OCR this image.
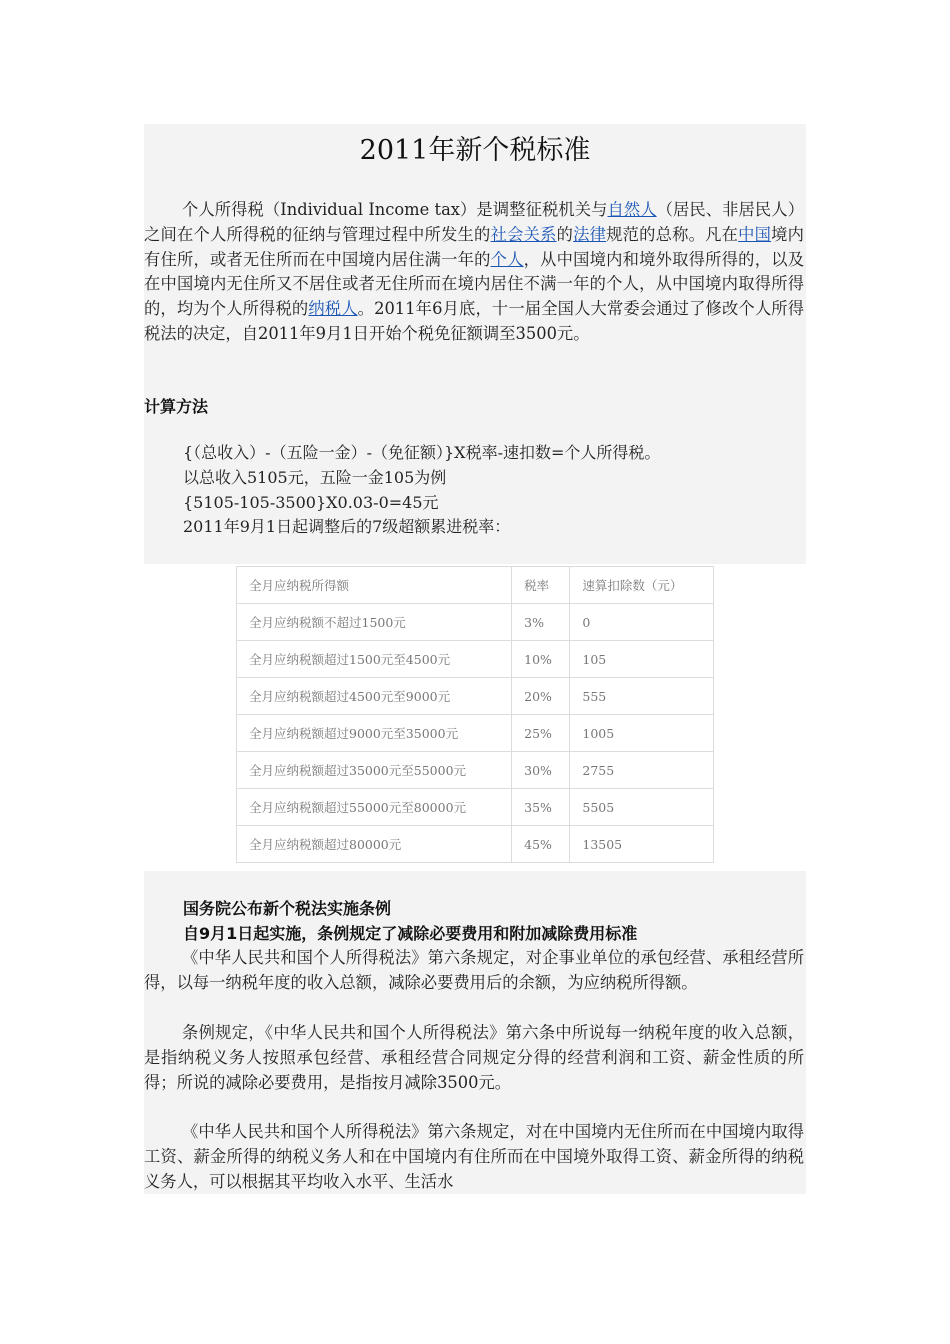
2011年新个税标准

个人所得税（Individual Income tax）是调整征税机关与自然人（居民、非居民人）之间在个人所得税的征纳与管理过程中所发生的社会关系的法律规范的总称。凡在中国境内有住所，或者无住所而在中国境内居住满一年的个人，从中国境内和境外取得所得的，以及在中国境内无住所又不居住或者无住所而在境内居住不满一年的个人，从中国境内取得所得的，均为个人所得税的纳税人。2011年6月底，十一届全国人大常委会通过了修改个人所得税法的决定，自2011年9月1日开始个税免征额调至3500元。

计算方法
{（总收入）-（五险一金）-（免征额）}X税率-速扣数=个人所得税。
以总收入5105元，五险一金105为例
{5105-105-3500}X0.03-0=45元
2011年9月1日起调整后的7级超额累进税率：
全月应纳税所得额	税率	速算扣除数（元）
全月应纳税额不超过1500元	3%	0
全月应纳税额超过1500元至4500元	10%	105
全月应纳税额超过4500元至9000元	20%	555
全月应纳税额超过9000元至35000元	25%	1005
全月应纳税额超过35000元至55000元	30%	2755
全月应纳税额超过55000元至80000元	35%	5505
全月应纳税额超过80000元	45%	13505
国务院公布新个税法实施条例
自9月1日起实施，条例规定了减除必要费用和附加减除费用标准

《中华人民共和国个人所得税法》第六条规定，对企事业单位的承包经营、承租经营所得，以每一纳税年度的收入总额，减除必要费用后的余额，为应纳税所得额。

条例规定，《中华人民共和国个人所得税法》第六条中所说每一纳税年度的收入总额，是指纳税义务人按照承包经营、承租经营合同规定分得的经营利润和工资、薪金性质的所得；所说的减除必要费用，是指按月减除3500元。

《中华人民共和国个人所得税法》第六条规定，对在中国境内无住所而在中国境内取得工资、薪金所得的纳税义务人和在中国境内有住所而在中国境外取得工资、薪金所得的纳税义务人，可以根据其平均收入水平、生活水
